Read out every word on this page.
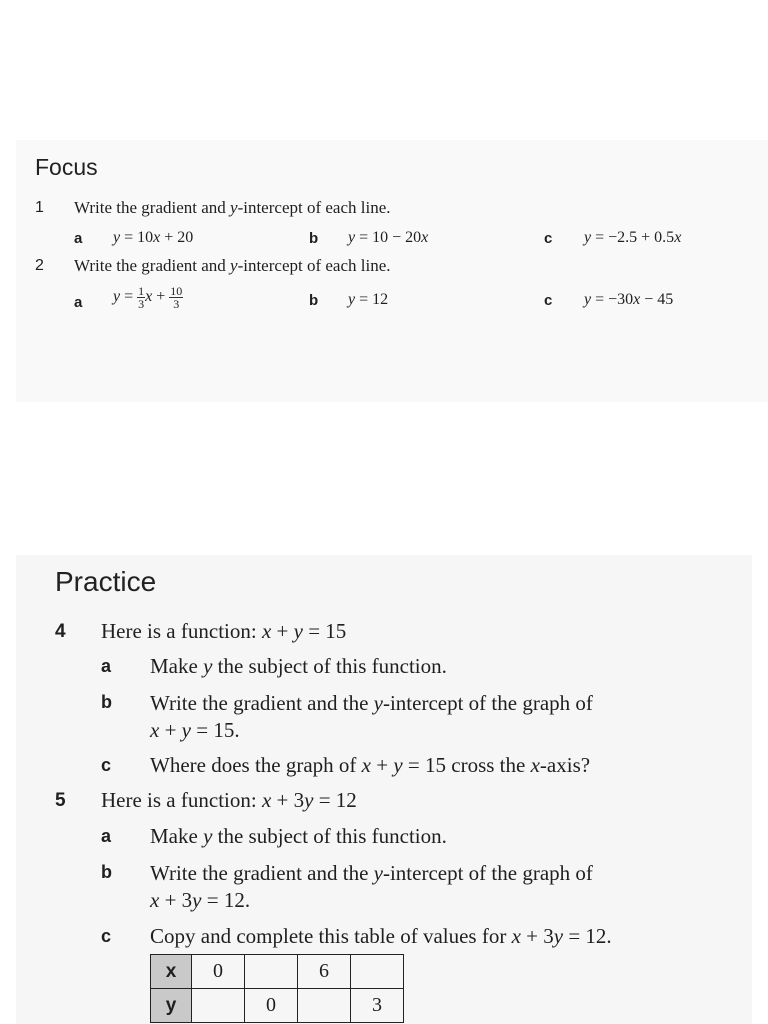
Focus
1 Write the gradient and y-intercept of each line.
a y = 10x + 20	b y = 10 − 20x	c y = −2.5 + 0.5x
2 Write the gradient and y-intercept of each line.
a $y = \frac{1}{3}$ $x + \frac{10}{3}$	b y = 12	c y = −30x − 45
Practice
4 Here is a function: x + y = 15
a Make y the subject of this function.
b Write the gradient and the y-intercept of the graph of
x + y = 15.
c Where does the graph of x + y = 15 cross the x-axis?
5 Here is a function: x + 3y = 12
a Make y the subject of this function.
b Write the gradient and the y-intercept of the graph of
x + 3y = 12.
c Copy and complete this table of values for x + 3y = 12.
x	0		6	
y		0		3
